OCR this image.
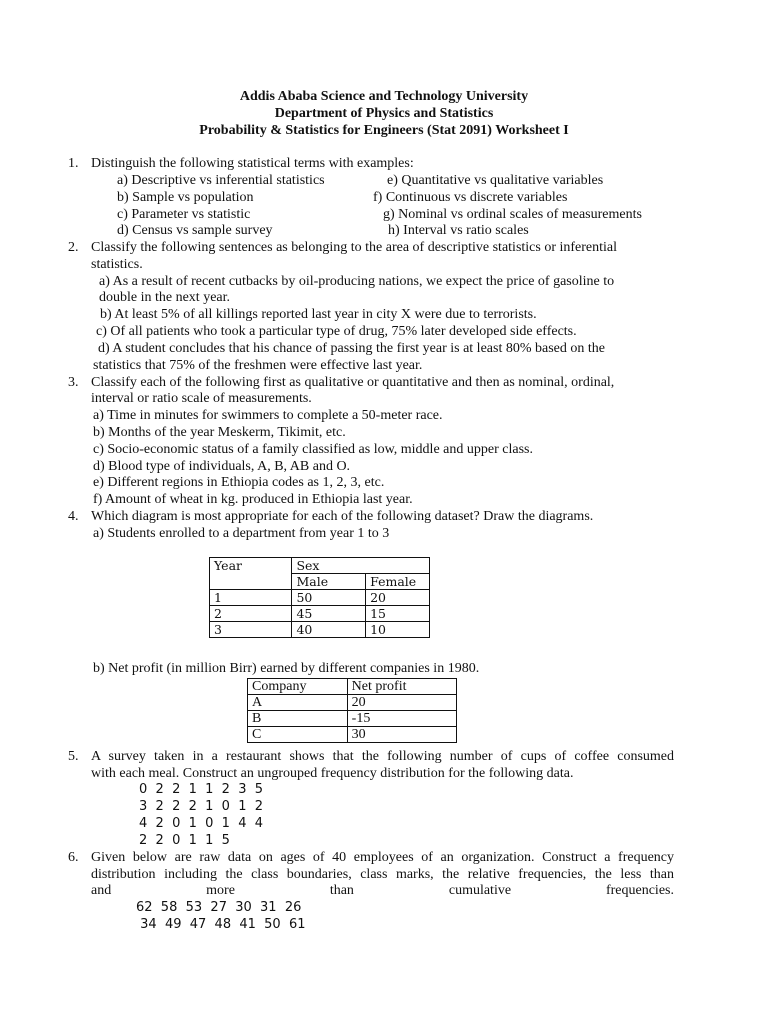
Addis Ababa Science and Technology University
Department of Physics and Statistics
Probability & Statistics for Engineers (Stat 2091) Worksheet I
1. Distinguish the following statistical terms with examples:
a) Descriptive vs inferential statistics
b) Sample vs population
c) Parameter vs statistic
d) Census vs sample survey
e) Quantitative vs qualitative variables
f) Continuous vs discrete variables
g) Nominal vs ordinal scales of measurements
h) Interval vs ratio scales
2. Classify the following sentences as belonging to the area of descriptive statistics or inferential
statistics.
a) As a result of recent cutbacks by oil-producing nations, we expect the price of gasoline to
double in the next year.
b) At least 5% of all killings reported last year in city X were due to terrorists.
c) Of all patients who took a particular type of drug, 75% later developed side effects.
d) A student concludes that his chance of passing the first year is at least 80% based on the
statistics that 75% of the freshmen were effective last year.
3. Classify each of the following first as qualitative or quantitative and then as nominal, ordinal,
interval or ratio scale of measurements.
a) Time in minutes for swimmers to complete a 50-meter race.
b) Months of the year Meskerm, Tikimit, etc.
c) Socio-economic status of a family classified as low, middle and upper class.
d) Blood type of individuals, A, B, AB and O.
e) Different regions in Ethiopia codes as 1, 2, 3, etc.
f) Amount of wheat in kg. produced in Ethiopia last year.
4. Which diagram is most appropriate for each of the following dataset? Draw the diagrams.
a) Students enrolled to a department from year 1 to 3
Year	Sex	
	Male	Female
1	50	20
2	45	15
3	40	10
b) Net profit (in million Birr) earned by different companies in 1980.
Company	Net profit
A	20
B	-15
C	30
5. A survey taken in a restaurant shows that the following number of cups of coffee consumed
with each meal. Construct an ungrouped frequency distribution for the following data.
0  2  2  1  1  2  3  5
3  2  2  2  1  0  1  2
4  2  0  1  0  1  4  4
2  2  0  1  1  5
6. Given below are raw data on ages of 40 employees of an organization. Construct a frequency
distribution including the class boundaries, class marks, the relative frequencies, the less than
and more than cumulative frequencies.
62  58  53  27  30  31  26
34  49  47  48  41  50  61
